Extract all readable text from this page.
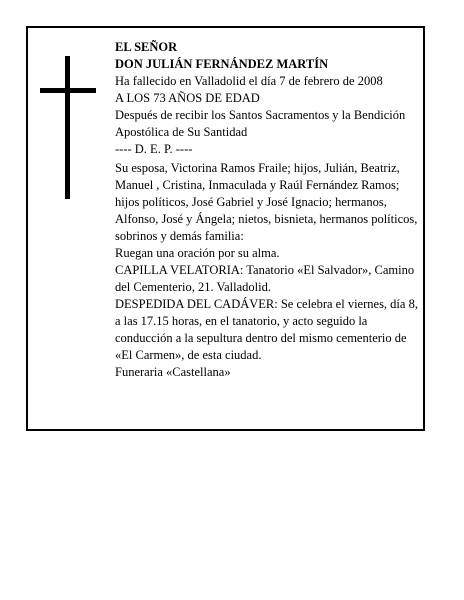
EL SEÑOR

DON JULIÁN FERNÁNDEZ MARTÍN

Ha fallecido en Valladolid el día 7 de febrero de 2008

A LOS 73 AÑOS DE EDAD

Después de recibir los Santos Sacramentos y la Bendición Apostólica de Su Santidad

---- D. E. P. ----

Su esposa, Victorina Ramos Fraile; hijos, Julián, Beatriz, Manuel , Cristina, Inmaculada y Raúl Fernández Ramos; hijos políticos, José Gabriel y José Ignacio; hermanos, Alfonso, José y Ángela; nietos, bisnieta, hermanos políticos, sobrinos y demás familia:

Ruegan una oración por su alma.

CAPILLA VELATORIA: Tanatorio «El Salvador», Camino del Cementerio, 21. Valladolid.

DESPEDIDA DEL CADÁVER: Se celebra el viernes, día 8, a las 17.15 horas, en el tanatorio, y acto seguido la conducción a la sepultura dentro del mismo cementerio de «El Carmen», de esta ciudad.

Funeraria «Castellana»
